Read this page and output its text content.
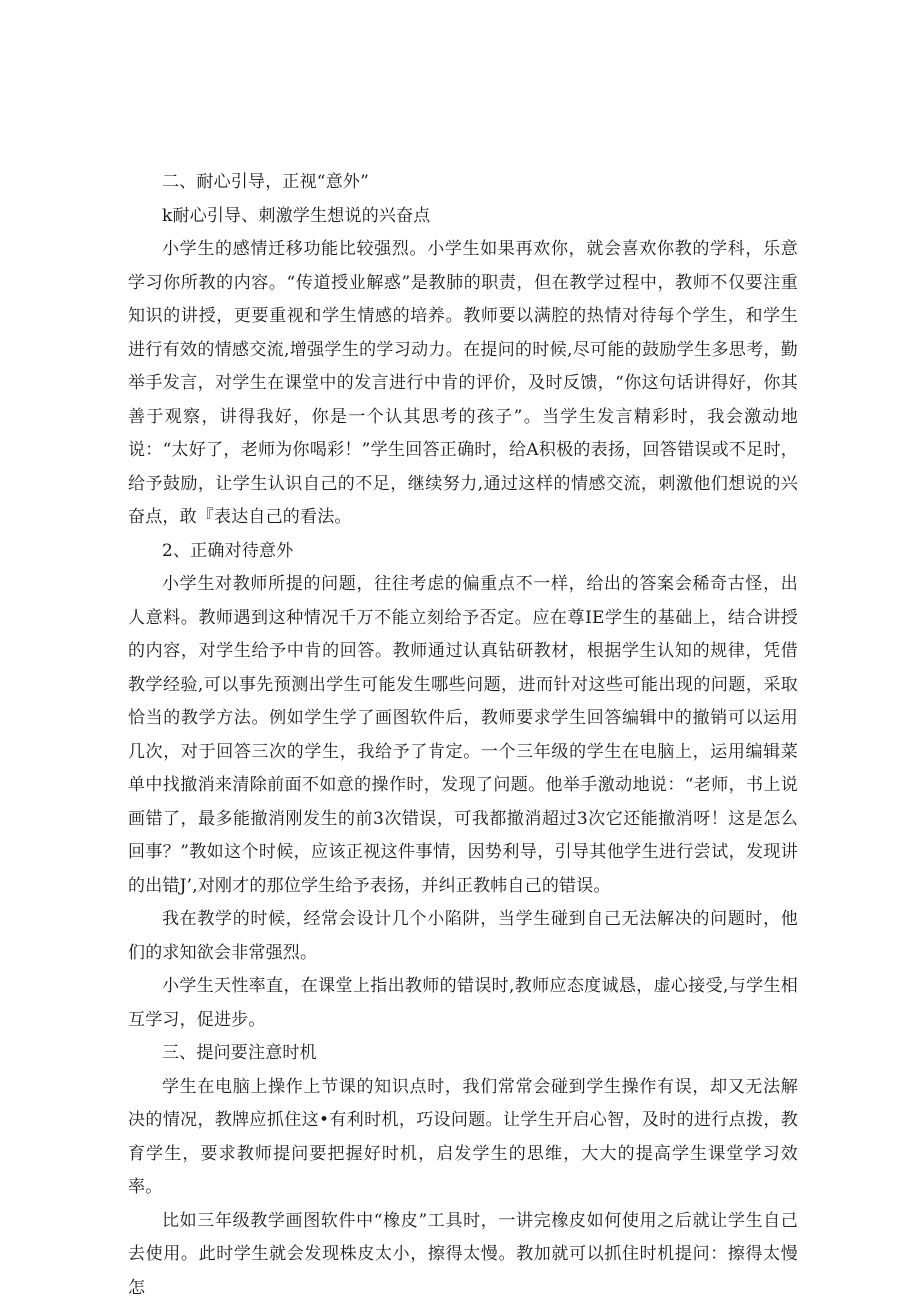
二、耐心引导，正视“意外”

k耐心引导、刺激学生想说的兴奋点

小学生的感情迁移功能比较强烈。小学生如果再欢你，就会喜欢你教的学科，乐意学习你所教的内容。“传道授业解惑”是教肺的职责，但在教学过程中，教师不仅要注重知识的讲授，更要重视和学生情感的培养。教师要以满腔的热情对待每个学生，和学生进行有效的情感交流,增强学生的学习动力。在提问的时候,尽可能的鼓励学生多思考，勤举手发言，对学生在课堂中的发言进行中肯的评价，及时反馈，“你这句话讲得好，你其善于观察，讲得我好，你是一个认其思考的孩子”。当学生发言精彩时，我会激动地说：“太好了，老师为你喝彩！”学生回答正确时，给A积极的表扬，回答错误或不足时，给予鼓励，让学生认识自己的不足，继续努力,通过这样的情感交流，刺激他们想说的兴奋点，敢『表达自己的看法。

2、正确对待意外

小学生对教师所提的问题，往往考虑的偏重点不一样，给出的答案会稀奇古怪，出人意料。教师遇到这种情况千万不能立刻给予否定。应在尊IE学生的基础上，结合讲授的内容，对学生给予中肯的回答。教师通过认真钻研教材，根据学生认知的规律，凭借教学经验,可以事先预测出学生可能发生哪些问题，进而针对这些可能出现的问题，采取恰当的教学方法。例如学生学了画图软件后，教师要求学生回答编辑中的撤销可以运用几次，对于回答三次的学生，我给予了肯定。一个三年级的学生在电脑上，运用编辑菜单中找撤消来清除前面不如意的操作时，发现了问题。他举手激动地说：“老师，书上说画错了，最多能撤消刚发生的前3次错误，可我都撤消超过3次它还能撤消呀！这是怎么回事？”教如这个时候，应该正视这件事情，因势利导，引导其他学生进行尝试，发现讲的出错J’,对刚才的那位学生给予表扬，并纠正教帏自己的错误。

我在教学的时候，经常会设计几个小陷阱，当学生碰到自己无法解决的问题时，他们的求知欲会非常强烈。

小学生天性率直，在课堂上指出教师的错误时,教师应态度诚恳，虚心接受,与学生相互学习，促进步。

三、提问要注意时机

学生在电脑上操作上节课的知识点时，我们常常会碰到学生操作有误，却又无法解决的情况，教牌应抓住这•有利时机，巧设问题。让学生开启心智，及时的进行点拨，教育学生，要求教师提问要把握好时机，启发学生的思维，大大的提高学生课堂学习效率。

比如三年级教学画图软件中“橡皮”工具时，一讲完橡皮如何使用之后就让学生自己去使用。此时学生就会发现株皮太小，擦得太慢。教加就可以抓住时机提问：擦得太慢怎
